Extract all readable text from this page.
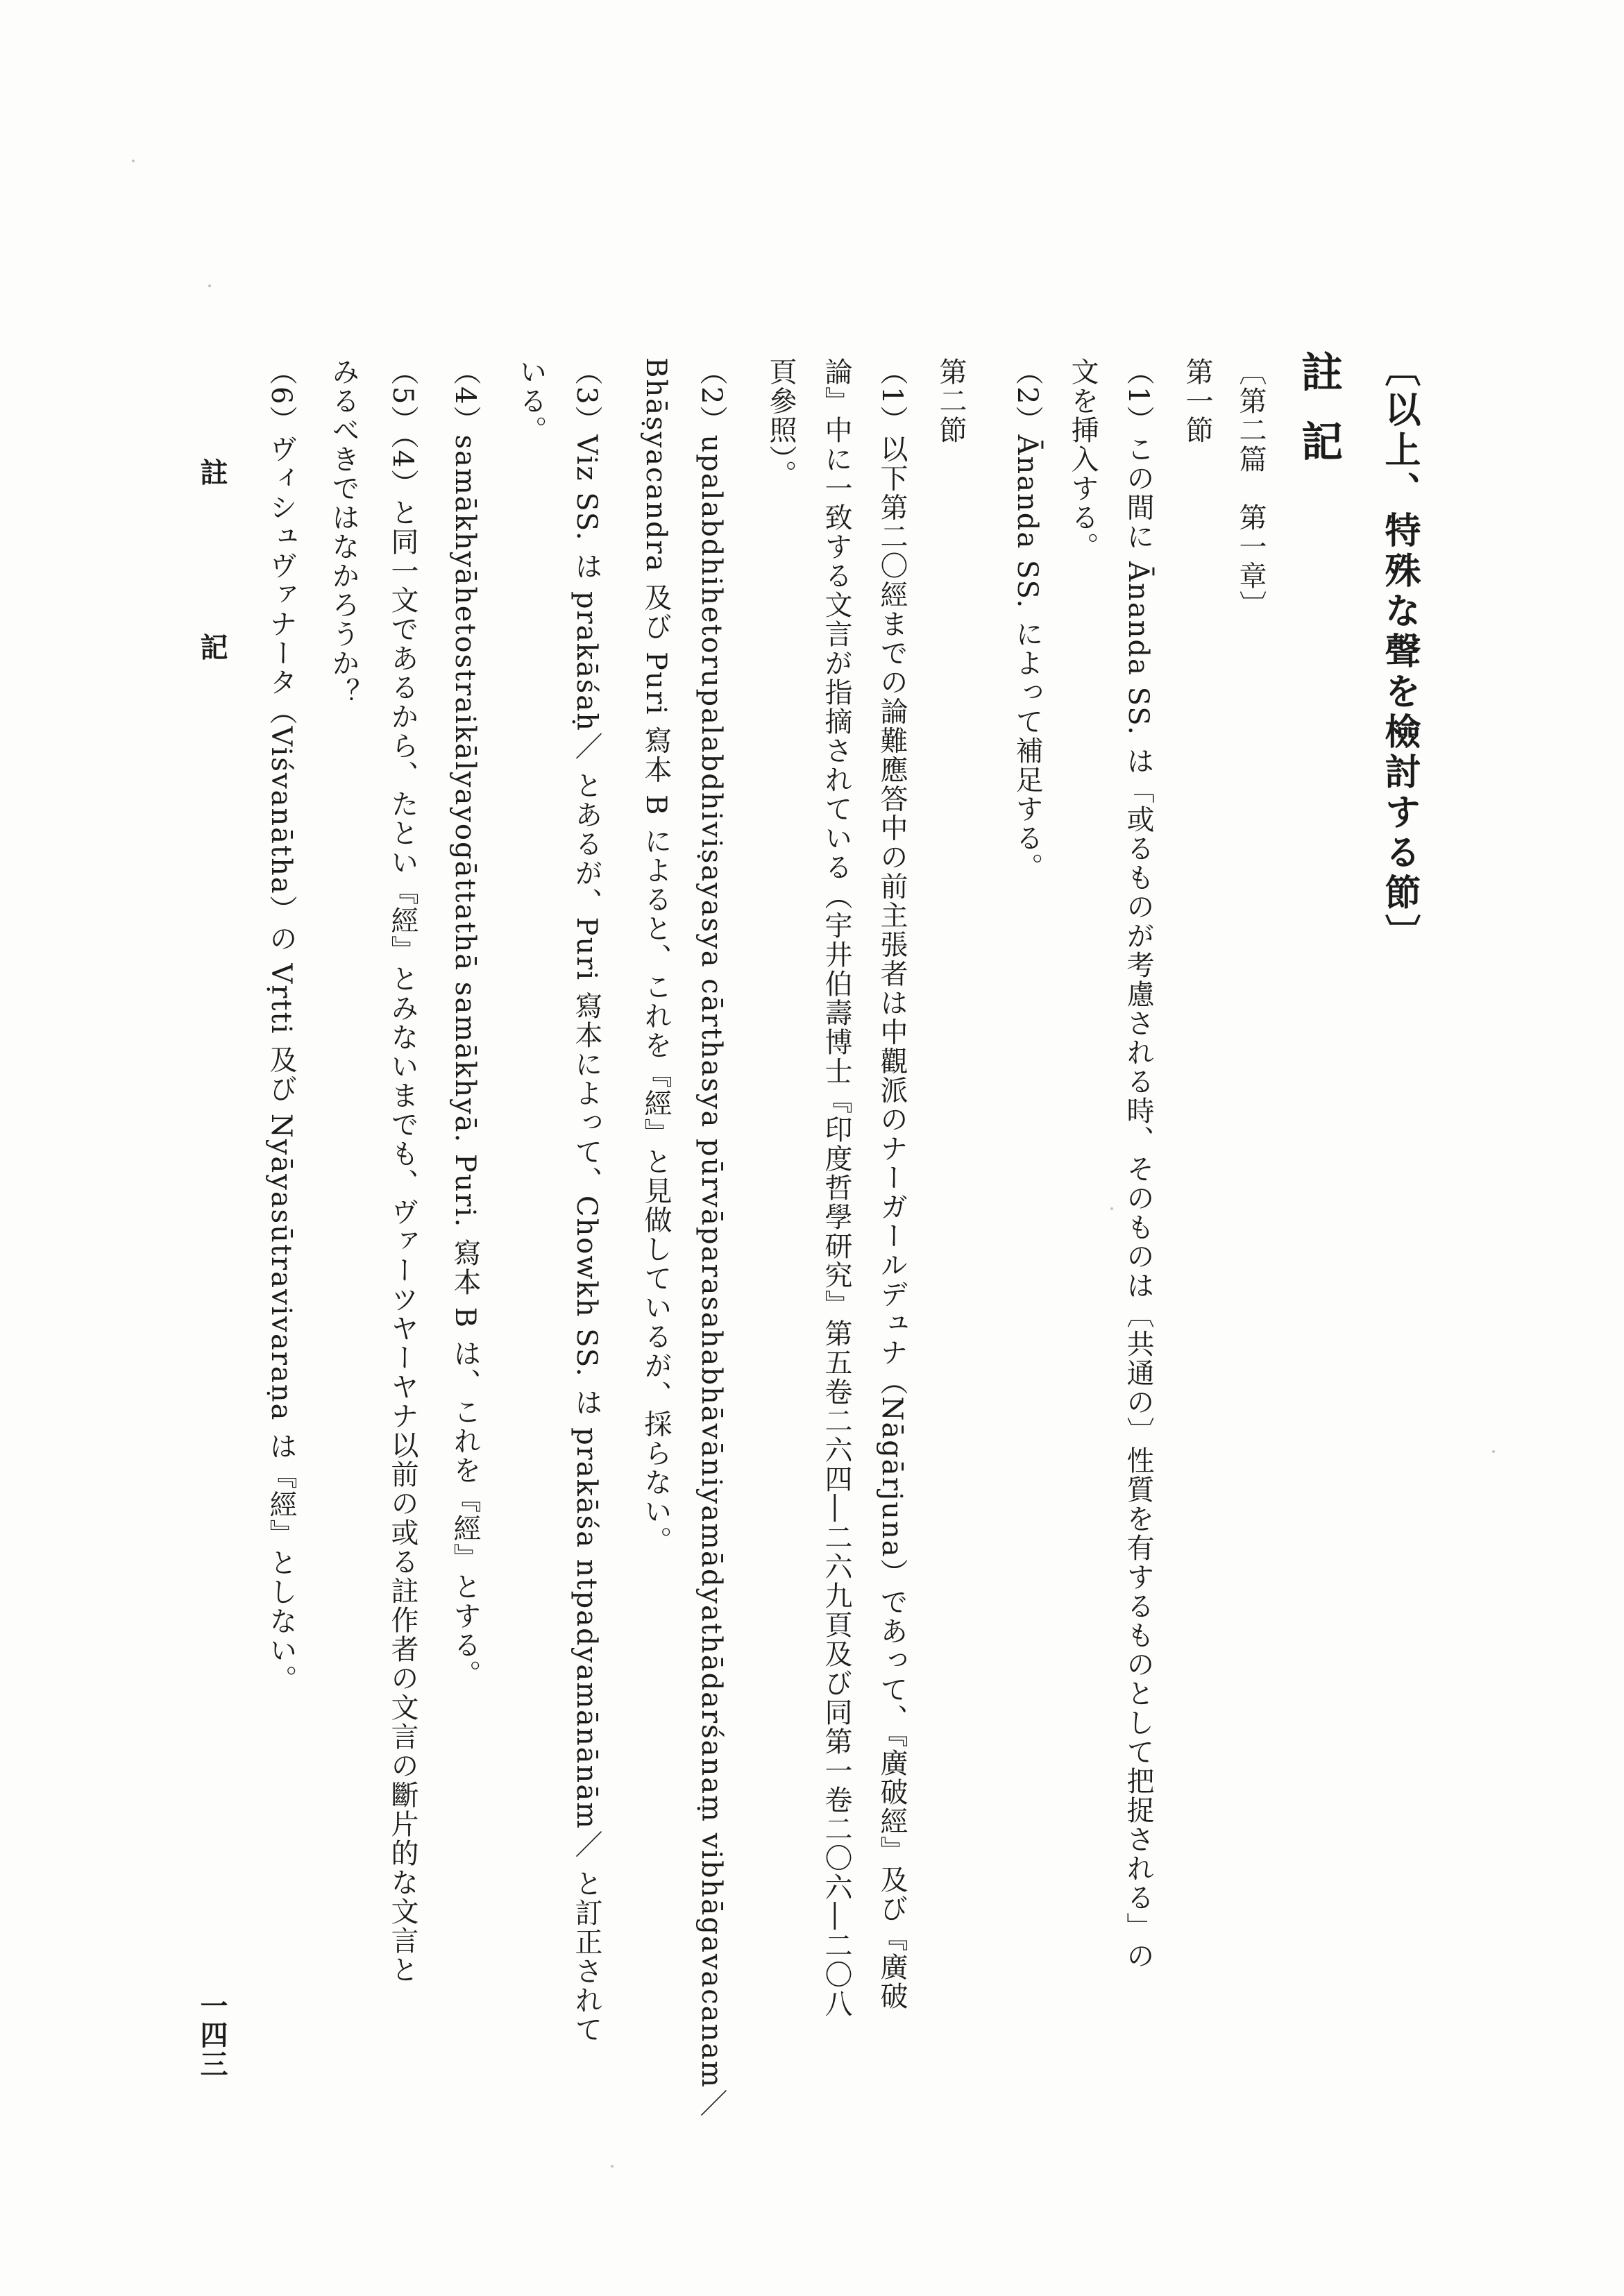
〔以上、特殊な聲を檢討する節〕
註記
〔第二篇　第一章〕
第一節
（1）この間に Ānanda SS. は「或るものが考慮される時、そのものは〔共通の〕性質を有するものとして把捉される」の
文を挿入する。
（2）Ānanda SS. によって補足する。
第二節
（1）以下第二〇經までの論難應答中の前主張者は中觀派のナーガールデュナ（Nāgārjuna）であって、『廣破經』及び『廣破
論』中に一致する文言が指摘されている（宇井伯壽博士『印度哲學研究』第五卷二六四―二六九頁及び同第一卷二〇六―二〇八
頁參照）。
（2）upalabdhihetorupalabdhiviṣayasya cārthasya pūrvāparasahabhāvāniyamādyathādarśanaṃ vibhāgavacanam／
Bhāṣyacandra 及び Puri 寫本 B によると、これを『經』と見做しているが、採らない。
（3）Viz SS. は prakāśaḥ／ とあるが、Puri 寫本によって、Chowkh SS. は prakāśa ntpadyamānānām／ と訂正されて
いる。
（4）samākhyāhetostraikālyayogāttathā samākhyā. Puri. 寫本 B は、これを『經』とする。
（5）（4）と同一文であるから、たとい『經』とみないまでも、ヴァーツヤーヤナ以前の或る註作者の文言の斷片的な文言と
みるべきではなかろうか？
（6）ヴィシュヴァナータ（Viśvanātha）の Vṛtti 及び Nyāyasūtravivaraṇa は『經』としない。
註　　　　　記
一四三
